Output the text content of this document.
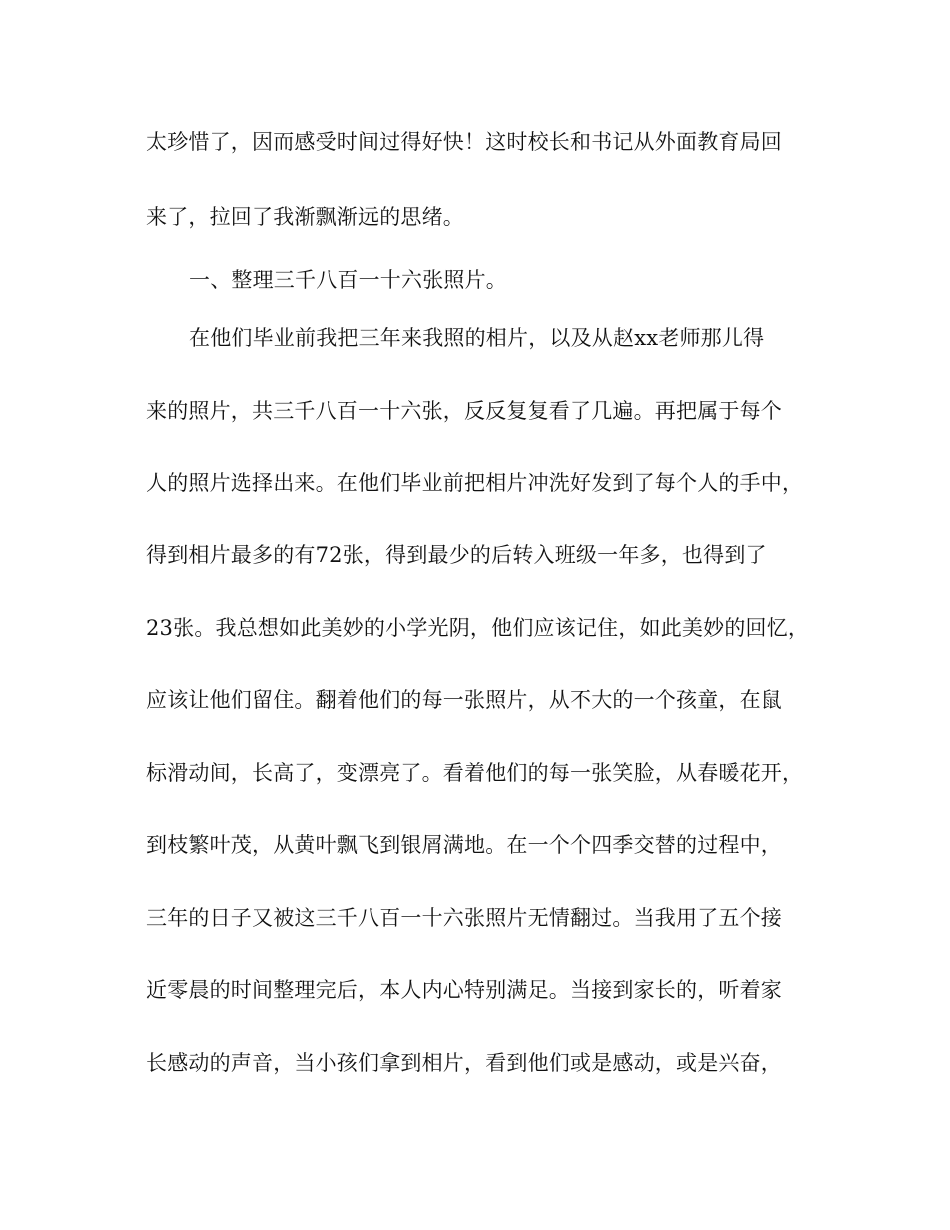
太珍惜了，因而感受时间过得好快！这时校长和书记从外面教育局回
来了，拉回了我渐飘渐远的思绪。
一、整理三千八百一十六张照片。
在他们毕业前我把三年来我照的相片，以及从赵xx老师那儿得
来的照片，共三千八百一十六张，反反复复看了几遍。再把属于每个
人的照片选择出来。在他们毕业前把相片冲洗好发到了每个人的手中，
得到相片最多的有72张，得到最少的后转入班级一年多，也得到了
23张。我总想如此美妙的小学光阴，他们应该记住，如此美妙的回忆，
应该让他们留住。翻着他们的每一张照片，从不大的一个孩童，在鼠
标滑动间，长高了，变漂亮了。看着他们的每一张笑脸，从春暖花开，
到枝繁叶茂，从黄叶飘飞到银屑满地。在一个个四季交替的过程中，
三年的日子又被这三千八百一十六张照片无情翻过。当我用了五个接
近零晨的时间整理完后，本人内心特别满足。当接到家长的，听着家
长感动的声音，当小孩们拿到相片，看到他们或是感动，或是兴奋，
